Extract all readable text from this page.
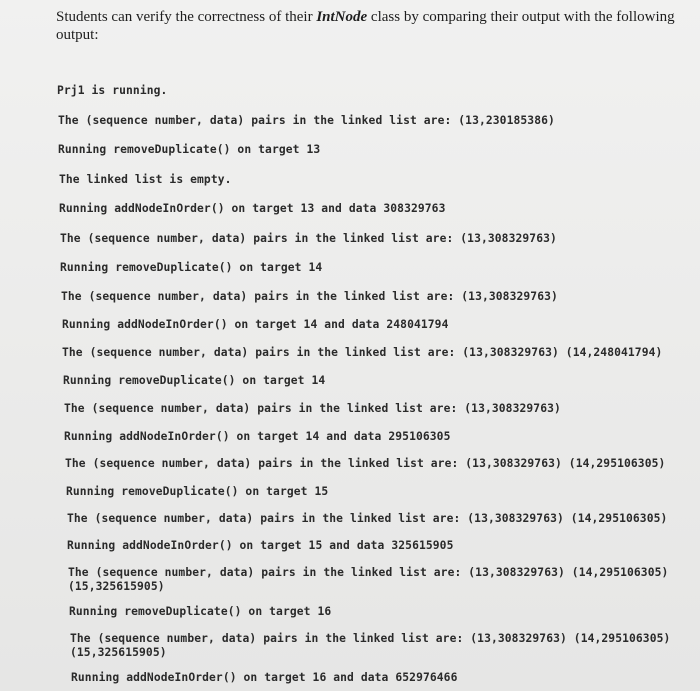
Students can verify the correctness of their IntNode class by comparing their output with the following output:
Prj1 is running.
The (sequence number, data) pairs in the linked list are: (13,230185386)
Running removeDuplicate() on target 13
The linked list is empty.
Running addNodeInOrder() on target 13 and data 308329763
The (sequence number, data) pairs in the linked list are: (13,308329763)
Running removeDuplicate() on target 14
The (sequence number, data) pairs in the linked list are: (13,308329763)
Running addNodeInOrder() on target 14 and data 248041794
The (sequence number, data) pairs in the linked list are: (13,308329763) (14,248041794)
Running removeDuplicate() on target 14
The (sequence number, data) pairs in the linked list are: (13,308329763)
Running addNodeInOrder() on target 14 and data 295106305
The (sequence number, data) pairs in the linked list are: (13,308329763) (14,295106305)
Running removeDuplicate() on target 15
The (sequence number, data) pairs in the linked list are: (13,308329763) (14,295106305)
Running addNodeInOrder() on target 15 and data 325615905
The (sequence number, data) pairs in the linked list are: (13,308329763) (14,295106305)
(15,325615905)
Running removeDuplicate() on target 16
The (sequence number, data) pairs in the linked list are: (13,308329763) (14,295106305)
(15,325615905)
Running addNodeInOrder() on target 16 and data 652976466
